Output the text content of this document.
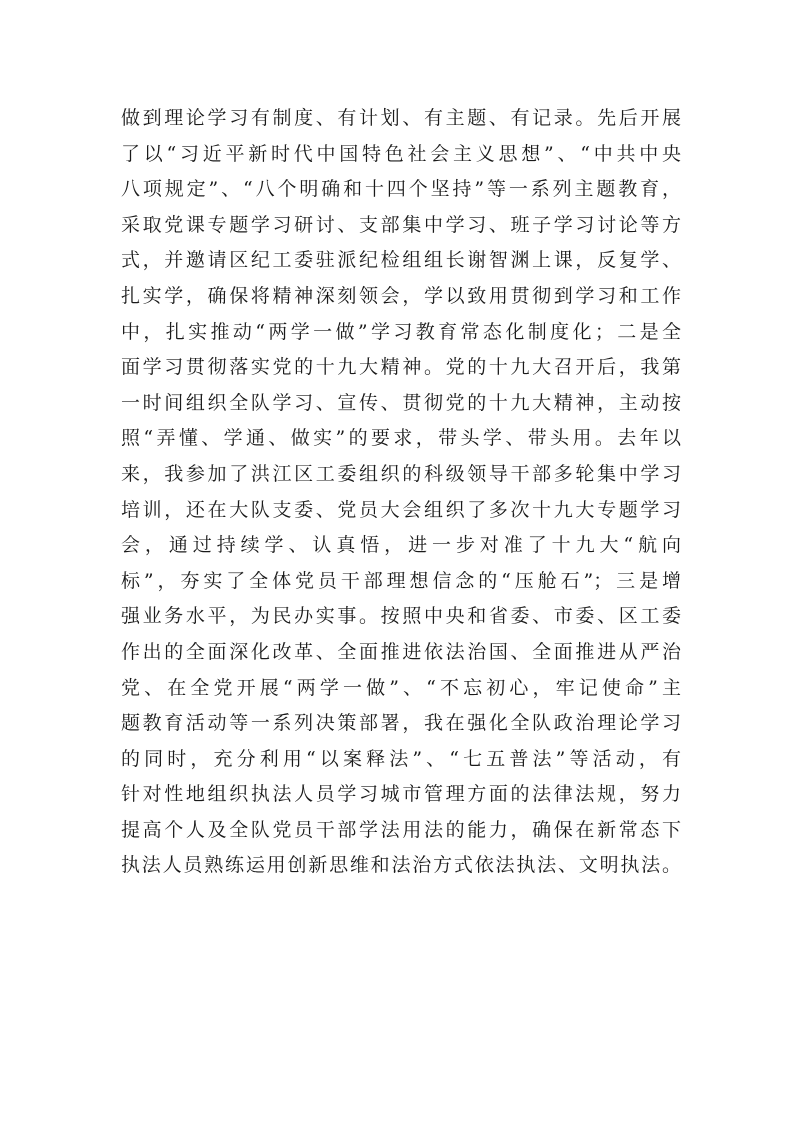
做到理论学习有制度、有计划、有主题、有记录。先后开展
了以“习近平新时代中国特色社会主义思想”、“中共中央
八项规定”、“八个明确和十四个坚持”等一系列主题教育，
采取党课专题学习研讨、支部集中学习、班子学习讨论等方
式，并邀请区纪工委驻派纪检组组长谢智渊上课，反复学、
扎实学，确保将精神深刻领会，学以致用贯彻到学习和工作
中，扎实推动“两学一做”学习教育常态化制度化；二是全
面学习贯彻落实党的十九大精神。党的十九大召开后，我第
一时间组织全队学习、宣传、贯彻党的十九大精神，主动按
照“弄懂、学通、做实”的要求，带头学、带头用。去年以
来，我参加了洪江区工委组织的科级领导干部多轮集中学习
培训，还在大队支委、党员大会组织了多次十九大专题学习
会，通过持续学、认真悟，进一步对准了十九大“航向
标”，夯实了全体党员干部理想信念的“压舱石”；三是增
强业务水平，为民办实事。按照中央和省委、市委、区工委
作出的全面深化改革、全面推进依法治国、全面推进从严治
党、在全党开展“两学一做”、“不忘初心，牢记使命”主
题教育活动等一系列决策部署，我在强化全队政治理论学习
的同时，充分利用“以案释法”、“七五普法”等活动，有
针对性地组织执法人员学习城市管理方面的法律法规，努力
提高个人及全队党员干部学法用法的能力，确保在新常态下
执法人员熟练运用创新思维和法治方式依法执法、文明执法。
